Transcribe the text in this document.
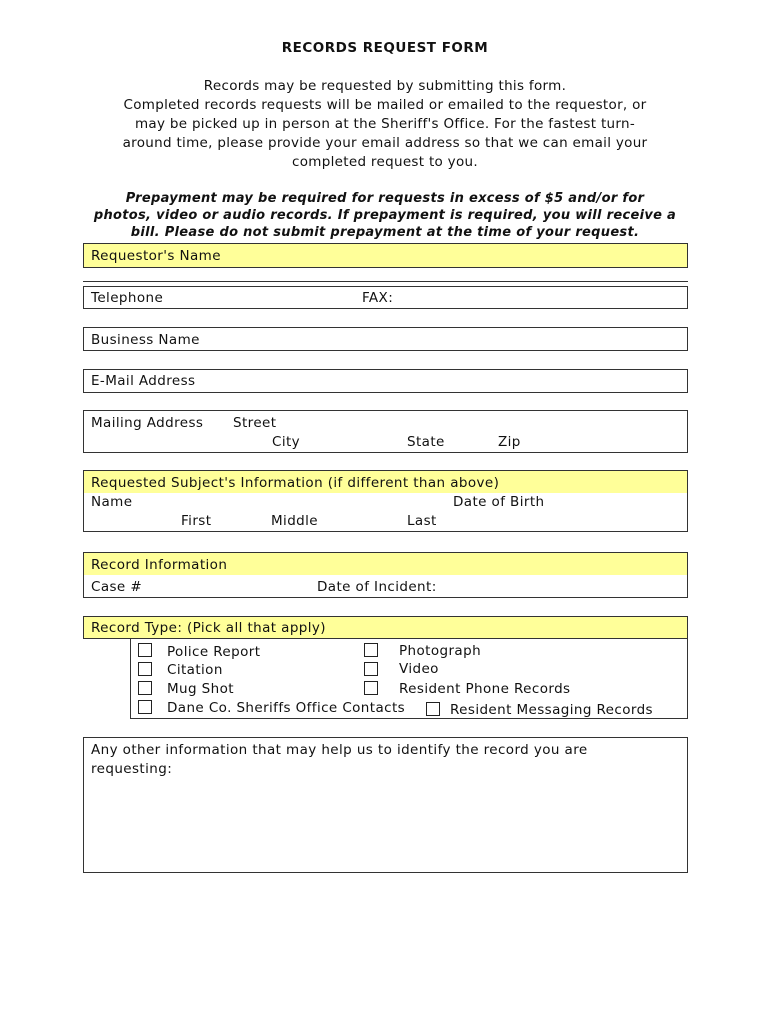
RECORDS REQUEST FORM
Records may be requested by submitting this form.
Completed records requests will be mailed or emailed to the requestor, or
may be picked up in person at the Sheriff's Office. For the fastest turn-
around time, please provide your email address so that we can email your
completed request to you.
Prepayment may be required for requests in excess of $5 and/or for
photos, video or audio records. If prepayment is required, you will receive a
bill. Please do not submit prepayment at the time of your request.
Requestor's Name
Telephone	FAX:
Business Name
E-Mail Address
Mailing Address Street
City	State	Zip
Requested Subject's Information (if different than above)
Name	Date of Birth
First	Middle	Last
Record Information
Case #	Date of Incident:
Record Type: (Pick all that apply)
Police Report
Citation
Mug Shot
Dane Co. Sheriffs Office Contacts
Photograph
Video
Resident Phone Records
Resident Messaging Records
Any other information that may help us to identify the record you are
requesting:
